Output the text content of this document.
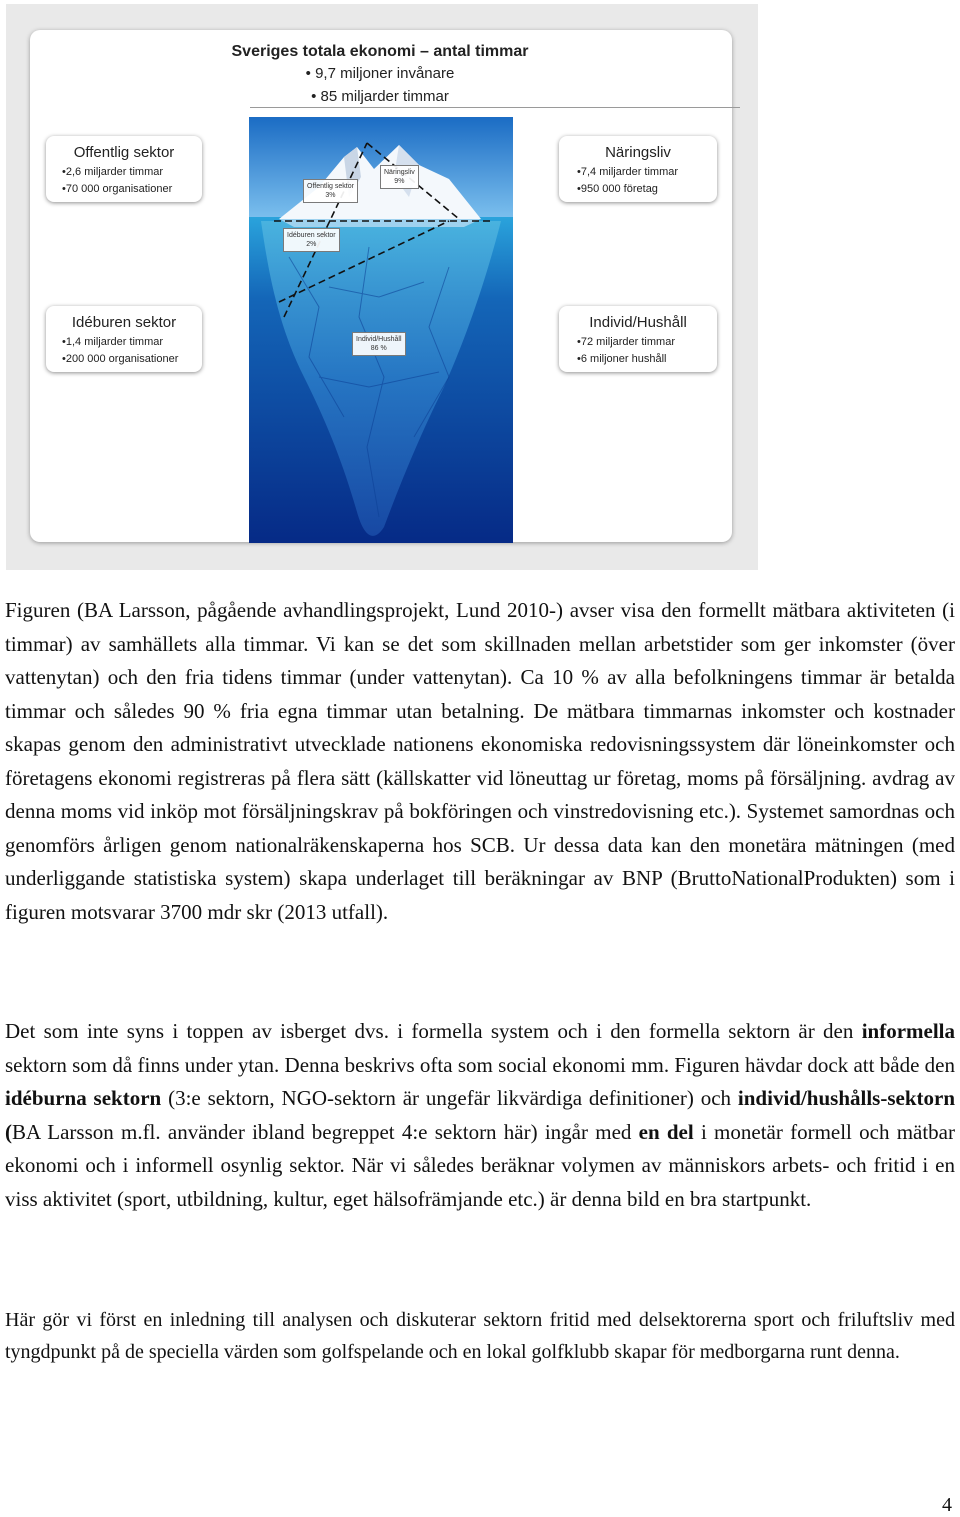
Sveriges totala ekonomi – antal timmar
• 9,7 miljoner invånare
• 85 miljarder timmar
Offentlig sektor
3%
Näringsliv
9%
Idéburen sektor
2%
Individ/Hushåll
86 %
Offentlig sektor
• 2,6 miljarder timmar
• 70 000 organisationer
Näringsliv
• 7,4 miljarder timmar
• 950 000 företag
Idéburen sektor
• 1,4 miljarder timmar
• 200 000 organisationer
Individ/Hushåll
• 72 miljarder timmar
• 6 miljoner hushåll

Figuren (BA Larsson, pågående avhandlingsprojekt, Lund 2010-) avser visa den formellt mätbara aktiviteten (i timmar) av samhällets alla timmar. Vi kan se det som skillnaden mellan arbetstider som ger inkomster (över vattenytan) och den fria tidens timmar (under vattenytan). Ca 10 % av alla befolkningens timmar är betalda timmar och således 90 % fria egna timmar utan betalning. De mätbara timmarnas inkomster och kostnader skapas genom den administrativt utvecklade nationens ekonomiska redovisningssystem där löneinkomster och företagens ekonomi registreras på flera sätt (källskatter vid löneuttag ur företag, moms på försäljning. avdrag av denna moms vid inköp mot försäljningskrav på bokföringen och vinstredovisning etc.). Systemet samordnas och genomförs årligen genom nationalräkenskaperna hos SCB. Ur dessa data kan den monetära mätningen (med underliggande statistiska system) skapa underlaget till beräkningar av BNP (BruttoNationalProdukten) som i figuren motsvarar 3700 mdr skr (2013 utfall).

Det som inte syns i toppen av isberget dvs. i formella system och i den formella sektorn är den informella sektorn som då finns under ytan. Denna beskrivs ofta som social ekonomi mm. Figuren hävdar dock att både den idéburna sektorn (3:e sektorn, NGO-sektorn är ungefär likvärdiga definitioner) och individ/hushålls-sektorn (BA Larsson m.fl. använder ibland begreppet 4:e sektorn här) ingår med en del i monetär formell och mätbar ekonomi och i informell osynlig sektor. När vi således beräknar volymen av människors arbets- och fritid i en viss aktivitet (sport, utbildning, kultur, eget hälsofrämjande etc.) är denna bild en bra startpunkt.

Här gör vi först en inledning till analysen och diskuterar sektorn fritid med delsektorerna sport och friluftsliv med tyngdpunkt på de speciella värden som golfspelande och en lokal golfklubb skapar för medborgarna runt denna.

4
